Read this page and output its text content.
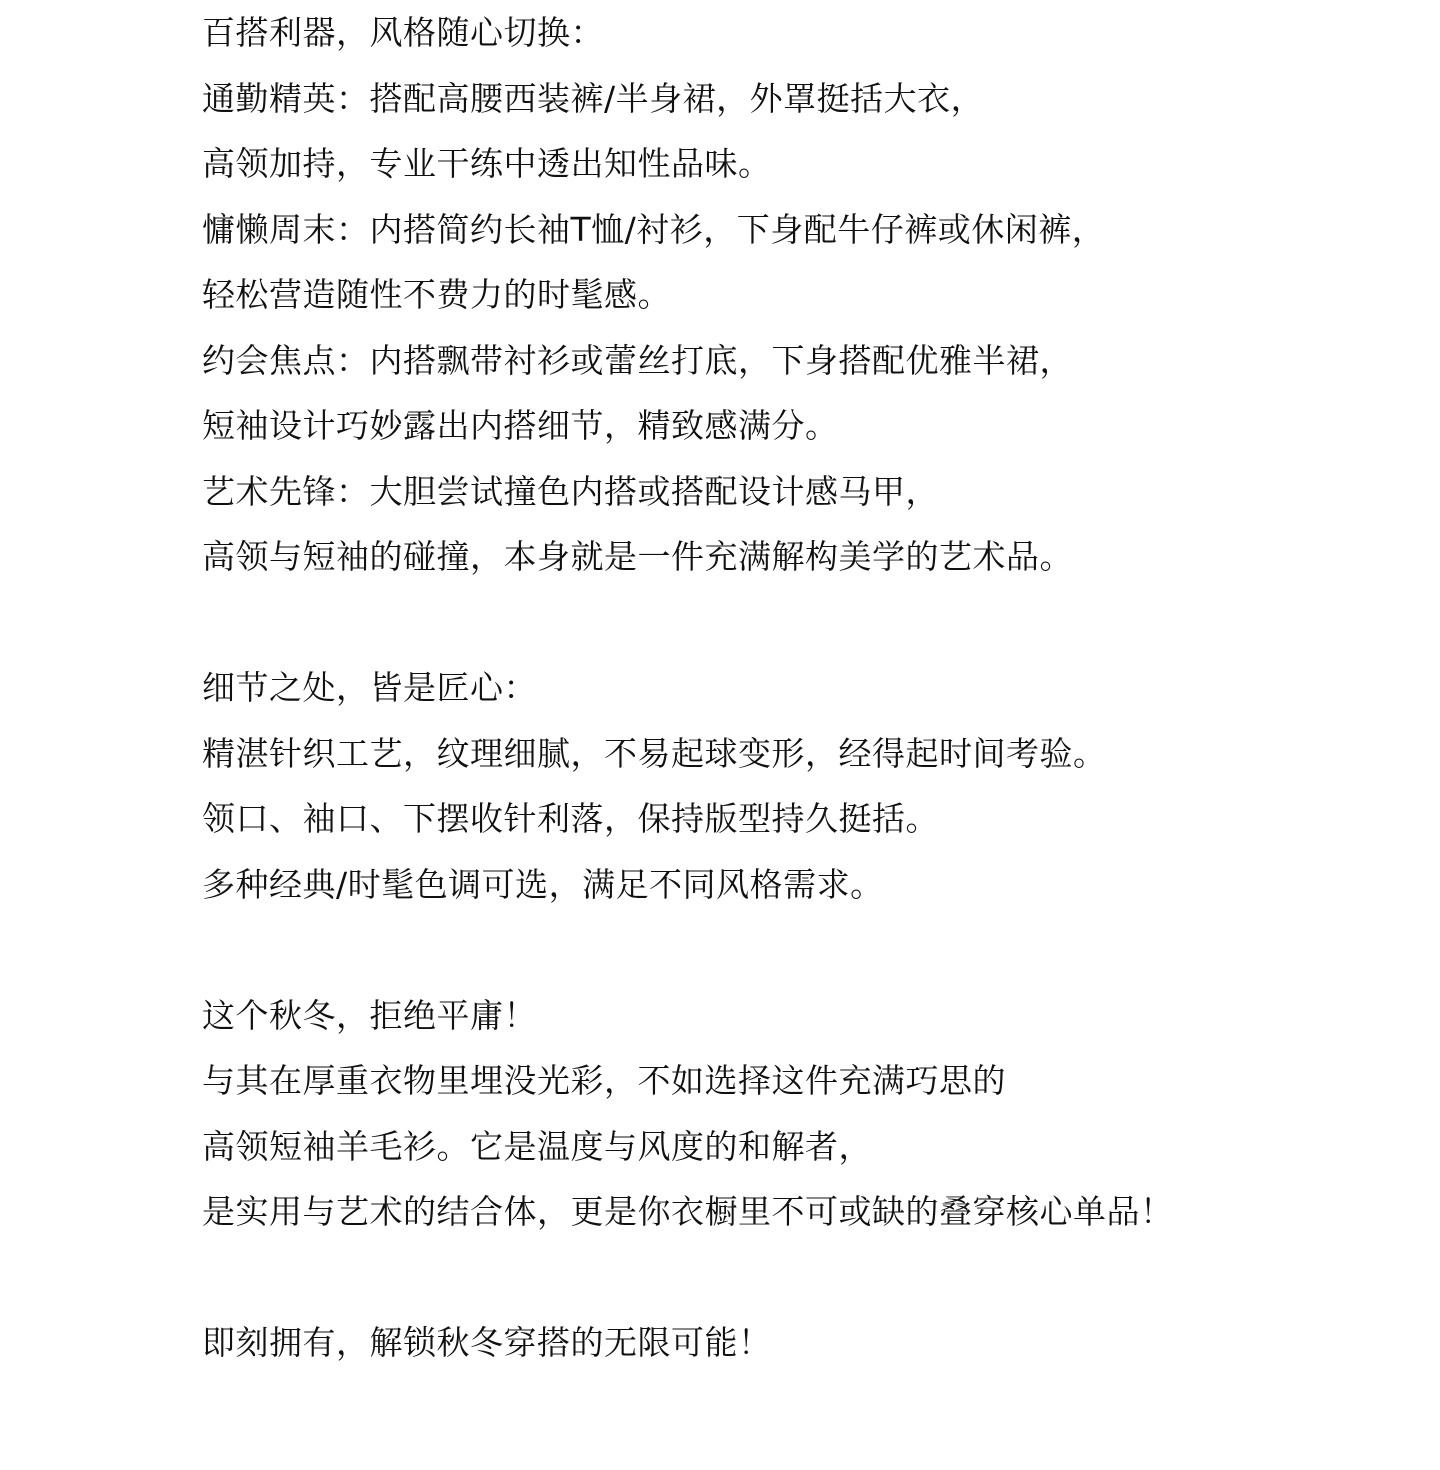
百搭利器，风格随心切换：
通勤精英：搭配高腰西装裤/半身裙，外罩挺括大衣，
高领加持，专业干练中透出知性品味。
慵懒周末：内搭简约长袖T恤/衬衫，下身配牛仔裤或休闲裤，
轻松营造随性不费力的时髦感。
约会焦点：内搭飘带衬衫或蕾丝打底，下身搭配优雅半裙，
短袖设计巧妙露出内搭细节，精致感满分。
艺术先锋：大胆尝试撞色内搭或搭配设计感马甲，
高领与短袖的碰撞，本身就是一件充满解构美学的艺术品。
细节之处，皆是匠心：
精湛针织工艺，纹理细腻，不易起球变形，经得起时间考验。
领口、袖口、下摆收针利落，保持版型持久挺括。
多种经典/时髦色调可选，满足不同风格需求。
这个秋冬，拒绝平庸！
与其在厚重衣物里埋没光彩，不如选择这件充满巧思的
高领短袖羊毛衫。它是温度与风度的和解者，
是实用与艺术的结合体，更是你衣橱里不可或缺的叠穿核心单品！
即刻拥有，解锁秋冬穿搭的无限可能！
